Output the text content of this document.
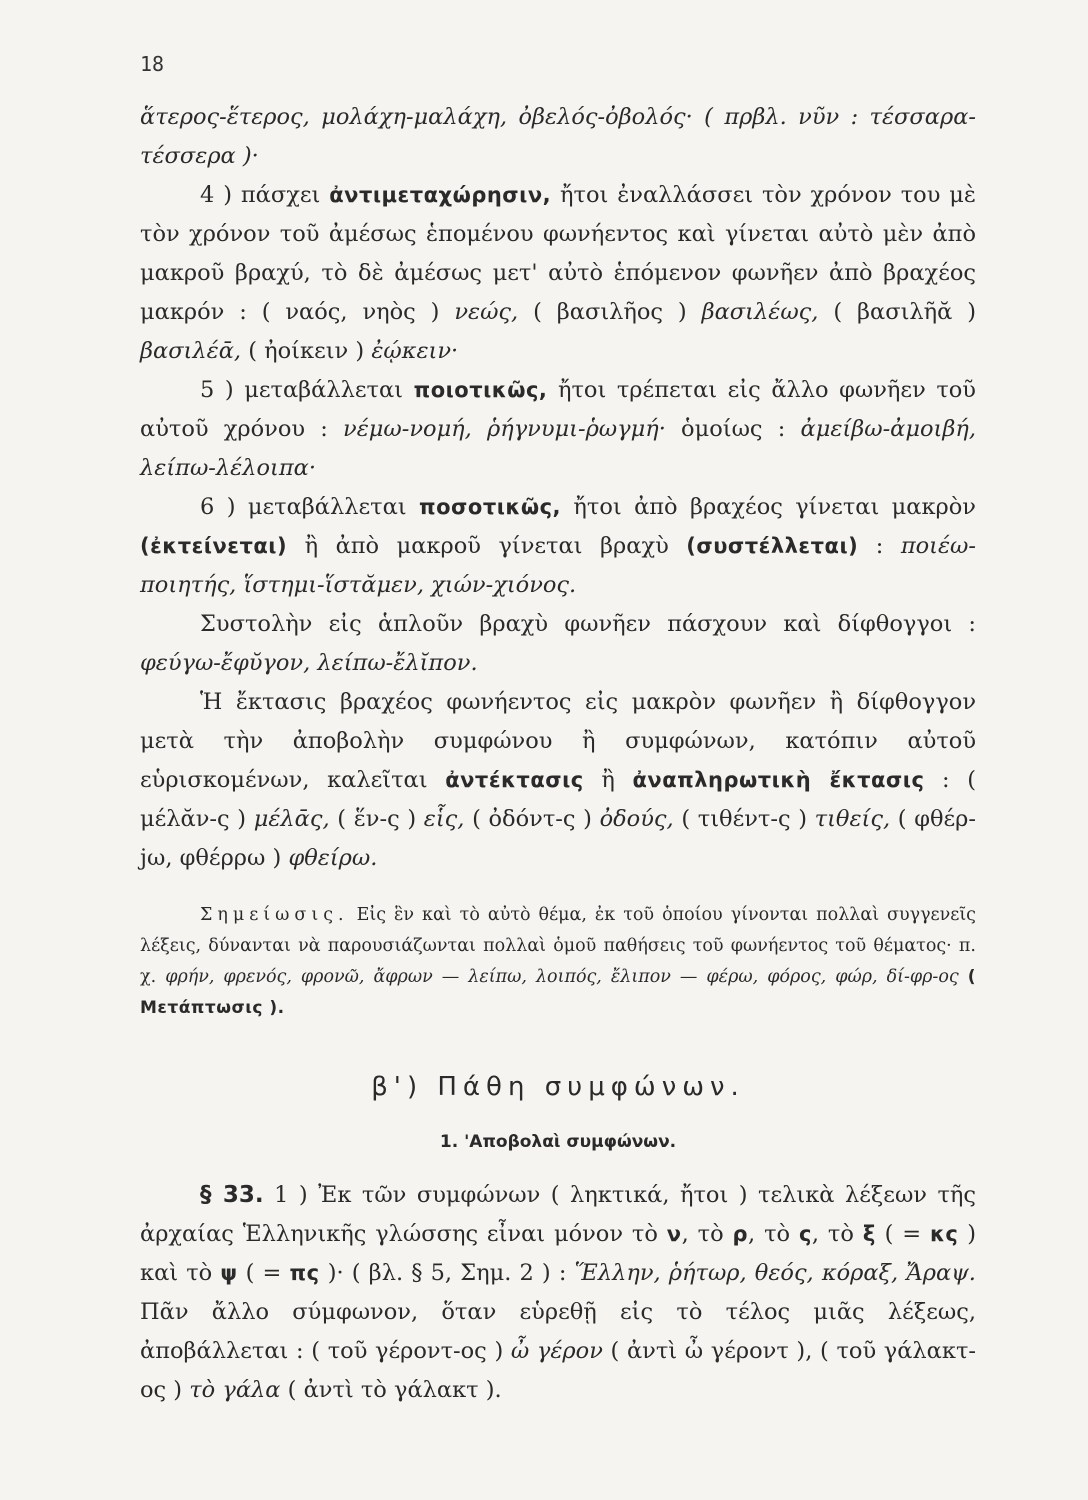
18

ἅτερος-ἕτερος, μολάχη-μαλάχη, ὀβελός-ὀβολός· ( πρβλ. νῦν : τέσσαρα-τέσσερα )·

4 ) πάσχει ἀντιμεταχώρησιν, ἤτοι ἐναλλάσσει τὸν χρόνον του μὲ τὸν χρόνον τοῦ ἀμέσως ἑπομένου φωνήεντος καὶ γίνεται αὐτὸ μὲν ἀπὸ μακροῦ βραχύ, τὸ δὲ ἀμέσως μετ' αὐτὸ ἑπόμενον φωνῆεν ἀπὸ βραχέος μακρόν : ( ναός, νηὸς ) νεώς, ( βασιλῆος ) βασιλέως, ( βασιλῆᾰ ) βασιλέᾱ, ( ἠοίκειν ) ἐῴκειν·

5 ) μεταβάλλεται ποιοτικῶς, ἤτοι τρέπεται εἰς ἄλλο φωνῆεν τοῦ αὐτοῦ χρόνου : νέμω-νομή, ῥήγνυμι-ῥωγμή· ὁμοίως : ἀμείβω-ἀμοιβή, λείπω-λέλοιπα·

6 ) μεταβάλλεται ποσοτικῶς, ἤτοι ἀπὸ βραχέος γίνεται μακρὸν (ἐκτείνεται) ἢ ἀπὸ μακροῦ γίνεται βραχὺ (συστέλλεται) : ποιέω-ποιητής, ἵστημι-ἵστᾰμεν, χιών-χιόνος.

Συστολὴν εἰς ἁπλοῦν βραχὺ φωνῆεν πάσχουν καὶ δίφθογγοι : φεύγω-ἔφῠγον, λείπω-ἔλῐπον.

Ἡ ἔκτασις βραχέος φωνήεντος εἰς μακρὸν φωνῆεν ἢ δίφθογγον μετὰ τὴν ἀποβολὴν συμφώνου ἢ συμφώνων, κατόπιν αὐτοῦ εὑρισκομένων, καλεῖται ἀντέκτασις ἢ ἀναπληρωτικὴ ἔκτασις : ( μέλᾰν-ς ) μέλᾱς, ( ἕν-ς ) εἷς, ( ὀδόντ-ς ) ὀδούς, ( τιθέντ-ς ) τιθείς, ( φθέρ-jω, φθέρρω ) φθείρω.

Σημείωσις. Εἰς ἓν καὶ τὸ αὐτὸ θέμα, ἐκ τοῦ ὁποίου γίνονται πολλαὶ συγγενεῖς λέξεις, δύνανται νὰ παρουσιάζωνται πολλαὶ ὁμοῦ παθήσεις τοῦ φωνήεντος τοῦ θέματος· π. χ. φρήν, φρενός, φρονῶ, ἄφρων — λείπω, λοιπός, ἔλιπον — φέρω, φόρος, φώρ, δί-φρ-ος ( Μετάπτωσις ).

β') Πάθη συμφώνων.
1. 'Αποβολαὶ συμφώνων.

§ 33. 1 ) Ἐκ τῶν συμφώνων ( ληκτικά, ἤτοι ) τελικὰ λέξεων τῆς ἀρχαίας Ἑλληνικῆς γλώσσης εἶναι μόνον τὸ ν, τὸ ρ, τὸ ς, τὸ ξ ( = κς ) καὶ τὸ ψ ( = πς )· ( βλ. § 5, Σημ. 2 ) : Ἕλλην, ῥήτωρ, θεός, κόραξ, Ἄραψ. Πᾶν ἄλλο σύμφωνον, ὅταν εὑρεθῇ εἰς τὸ τέλος μιᾶς λέξεως, ἀποβάλλεται : ( τοῦ γέροντ-ος ) ὦ γέρον ( ἀντὶ ὦ γέροντ ), ( τοῦ γάλακτ-ος ) τὸ γάλα ( ἀντὶ τὸ γάλακτ ).
